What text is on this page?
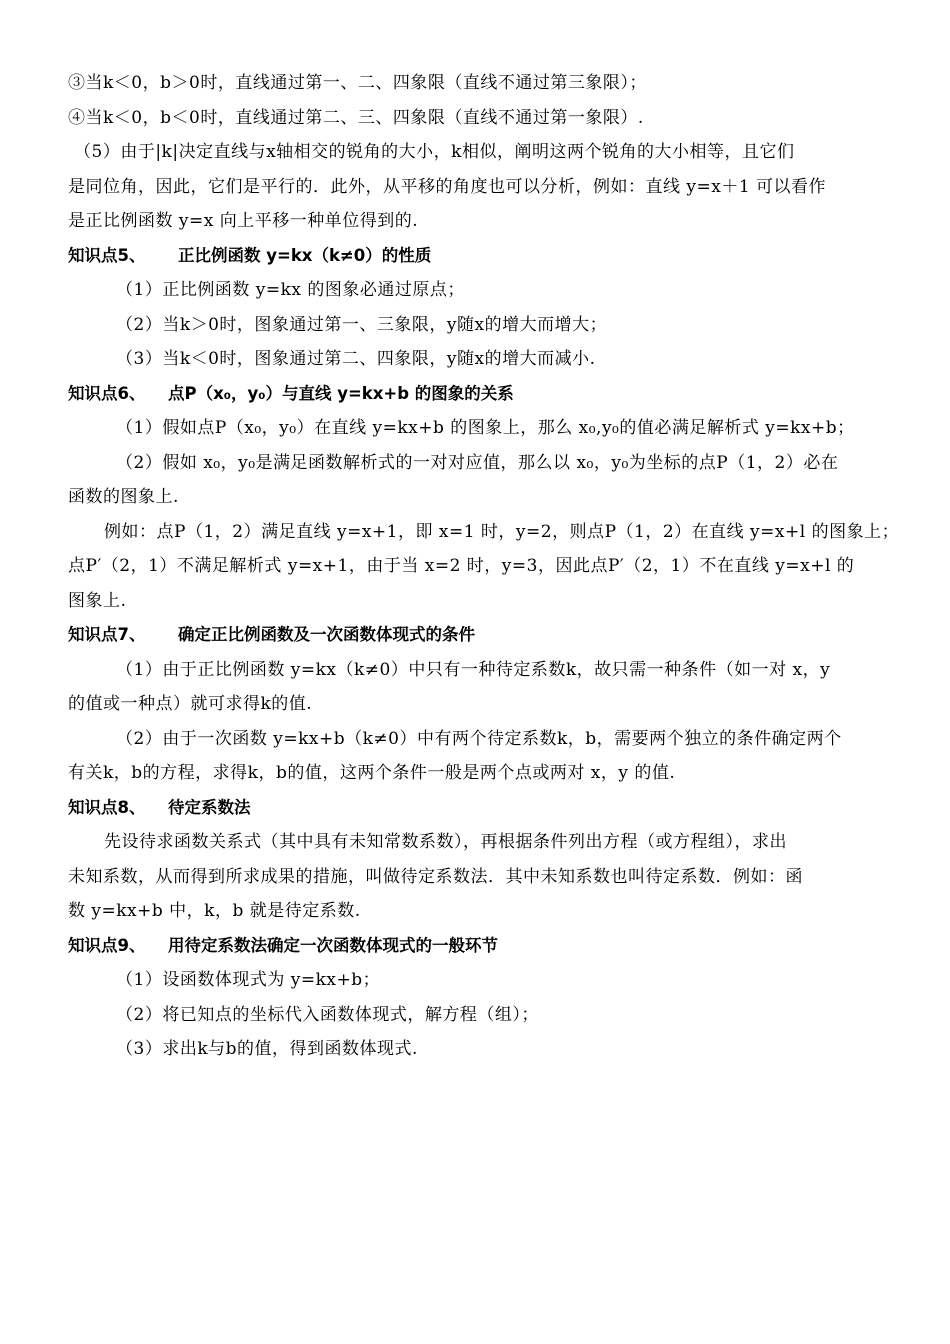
③当k＜0，b＞0时，直线通过第一、二、四象限（直线不通过第三象限）；
④当k＜0，b＜0时，直线通过第二、三、四象限（直线不通过第一象限）.
（5）由于|k|决定直线与x轴相交的锐角的大小，k相似，阐明这两个锐角的大小相等，且它们
是同位角，因此，它们是平行的．此外，从平移的角度也可以分析，例如：直线 y=x＋1 可以看作
是正比例函数 y=x 向上平移一种单位得到的.
知识点5、 正比例函数 y=kx（k≠0）的性质
（1）正比例函数 y=kx 的图象必通过原点；
（2）当k＞0时，图象通过第一、三象限，y随x的增大而增大；
（3）当k＜0时，图象通过第二、四象限，y随x的增大而减小.
知识点6、 点P（x₀，y₀）与直线 y=kx+b 的图象的关系
（1）假如点P（x₀，y₀）在直线 y=kx+b 的图象上，那么 x₀,y₀的值必满足解析式 y=kx+b；
（2）假如 x₀，y₀是满足函数解析式的一对对应值，那么以 x₀，y₀为坐标的点P（1，2）必在
函数的图象上.
例如：点P（1，2）满足直线 y=x+1，即 x=1 时，y=2，则点P（1，2）在直线 y=x+l 的图象上；
点P′（2，1）不满足解析式 y=x+1，由于当 x=2 时，y=3，因此点P′（2，1）不在直线 y=x+l 的
图象上.
知识点7、 确定正比例函数及一次函数体现式的条件
（1）由于正比例函数 y=kx（k≠0）中只有一种待定系数k，故只需一种条件（如一对 x，y
的值或一种点）就可求得k的值.
（2）由于一次函数 y=kx+b（k≠0）中有两个待定系数k，b，需要两个独立的条件确定两个
有关k，b的方程，求得k，b的值，这两个条件一般是两个点或两对 x，y 的值.
知识点8、 待定系数法
先设待求函数关系式（其中具有未知常数系数），再根据条件列出方程（或方程组），求出
未知系数，从而得到所求成果的措施，叫做待定系数法．其中未知系数也叫待定系数．例如：函
数 y=kx+b 中，k，b 就是待定系数.
知识点9、 用待定系数法确定一次函数体现式的一般环节
（1）设函数体现式为 y=kx+b；
（2）将已知点的坐标代入函数体现式，解方程（组）；
（3）求出k与b的值，得到函数体现式.
